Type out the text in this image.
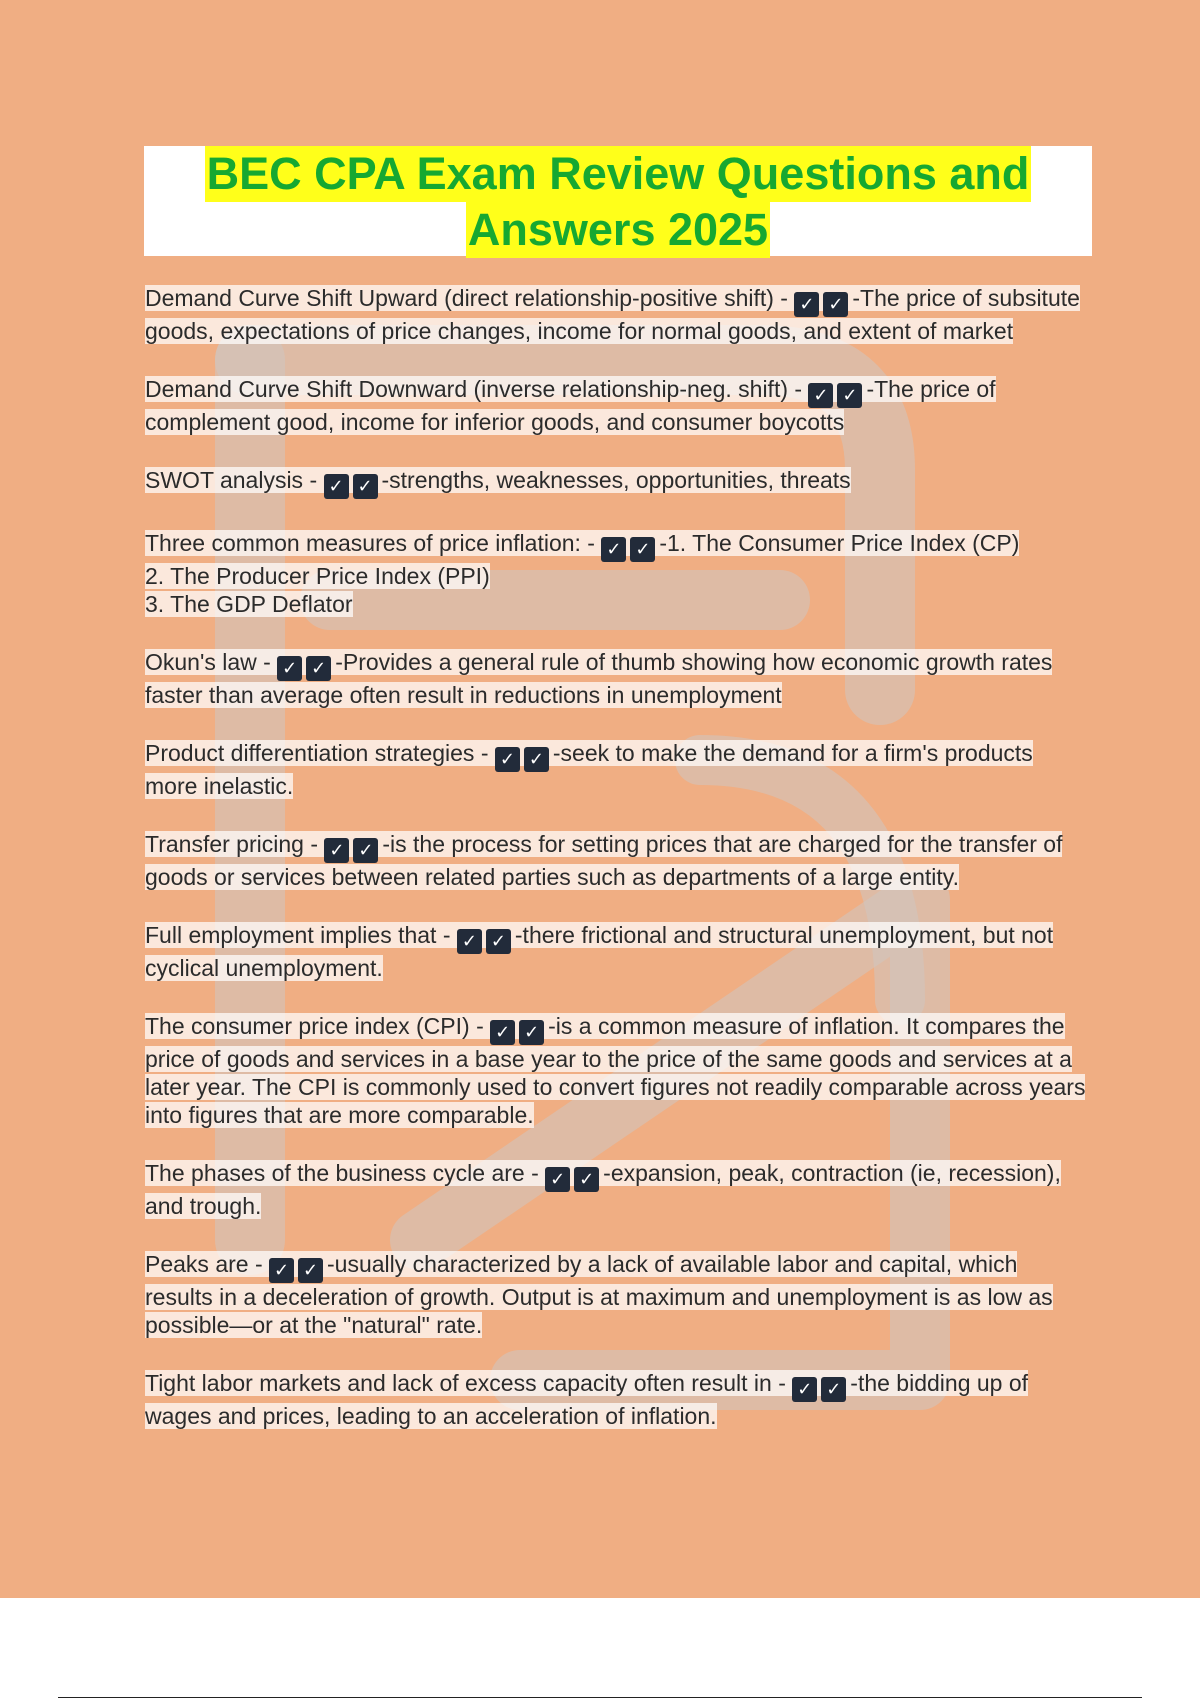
BEC CPA Exam Review Questions and
Answers 2025
Demand Curve Shift Upward (direct relationship-positive shift) - ✓ ✓ -The price of subsitute goods, expectations of price changes, income for normal goods, and extent of market
Demand Curve Shift Downward (inverse relationship-neg. shift) - ✓ ✓ -The price of complement good, income for inferior goods, and consumer boycotts
SWOT analysis - ✓ ✓ -strengths, weaknesses, opportunities, threats
Three common measures of price inflation: - ✓ ✓ -1. The Consumer Price Index (CP)
2. The Producer Price Index (PPI)
3. The GDP Deflator
Okun's law - ✓ ✓ -Provides a general rule of thumb showing how economic growth rates faster than average often result in reductions in unemployment
Product differentiation strategies - ✓ ✓ -seek to make the demand for a firm's products more inelastic.
Transfer pricing - ✓ ✓ -is the process for setting prices that are charged for the transfer of goods or services between related parties such as departments of a large entity.
Full employment implies that - ✓ ✓ -there frictional and structural unemployment, but not cyclical unemployment.
The consumer price index (CPI) - ✓ ✓ -is a common measure of inflation. It compares the price of goods and services in a base year to the price of the same goods and services at a later year. The CPI is commonly used to convert figures not readily comparable across years into figures that are more comparable.
The phases of the business cycle are - ✓ ✓ -expansion, peak, contraction (ie, recession), and trough.
Peaks are - ✓ ✓ -usually characterized by a lack of available labor and capital, which results in a deceleration of growth. Output is at maximum and unemployment is as low as possible—or at the "natural" rate.
Tight labor markets and lack of excess capacity often result in - ✓ ✓ -the bidding up of wages and prices, leading to an acceleration of inflation.
